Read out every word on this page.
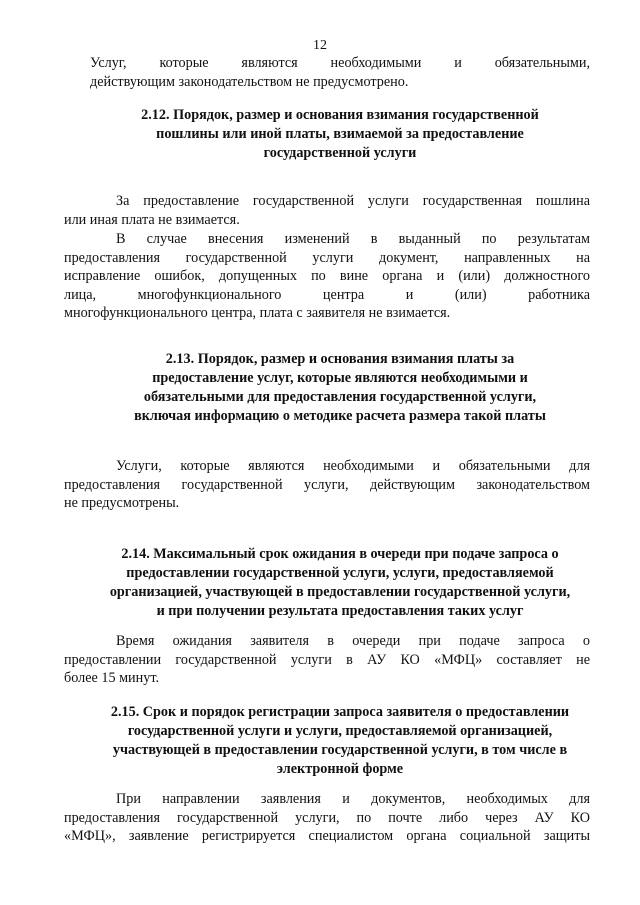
12
Услуг, которые являются необходимыми и обязательными,
действующим законодательством не предусмотрено.
2.12. Порядок, размер и основания взимания государственной
пошлины или иной платы, взимаемой за предоставление
государственной услуги
За предоставление государственной услуги государственная пошлина
или иная плата не взимается.
В случае внесения изменений в выданный по результатам
предоставления государственной услуги документ, направленных на
исправление ошибок, допущенных по вине органа и (или) должностного
лица, многофункционального центра и (или) работника
многофункционального центра, плата с заявителя не взимается.
2.13. Порядок, размер и основания взимания платы за
предоставление услуг, которые являются необходимыми и
обязательными для предоставления государственной услуги,
включая информацию о методике расчета размера такой платы
Услуги, которые являются необходимыми и обязательными для
предоставления государственной услуги, действующим законодательством
не предусмотрены.
2.14. Максимальный срок ожидания в очереди при подаче запроса о
предоставлении государственной услуги, услуги, предоставляемой
организацией, участвующей в предоставлении государственной услуги,
и при получении результата предоставления таких услуг
Время ожидания заявителя в очереди при подаче запроса о
предоставлении государственной услуги в АУ КО «МФЦ» составляет не
более 15 минут.
2.15. Срок и порядок регистрации запроса заявителя о предоставлении
государственной услуги и услуги, предоставляемой организацией,
участвующей в предоставлении государственной услуги, в том числе в
электронной форме
При направлении заявления и документов, необходимых для
предоставления государственной услуги, по почте либо через АУ КО
«МФЦ», заявление регистрируется специалистом органа социальной защиты
